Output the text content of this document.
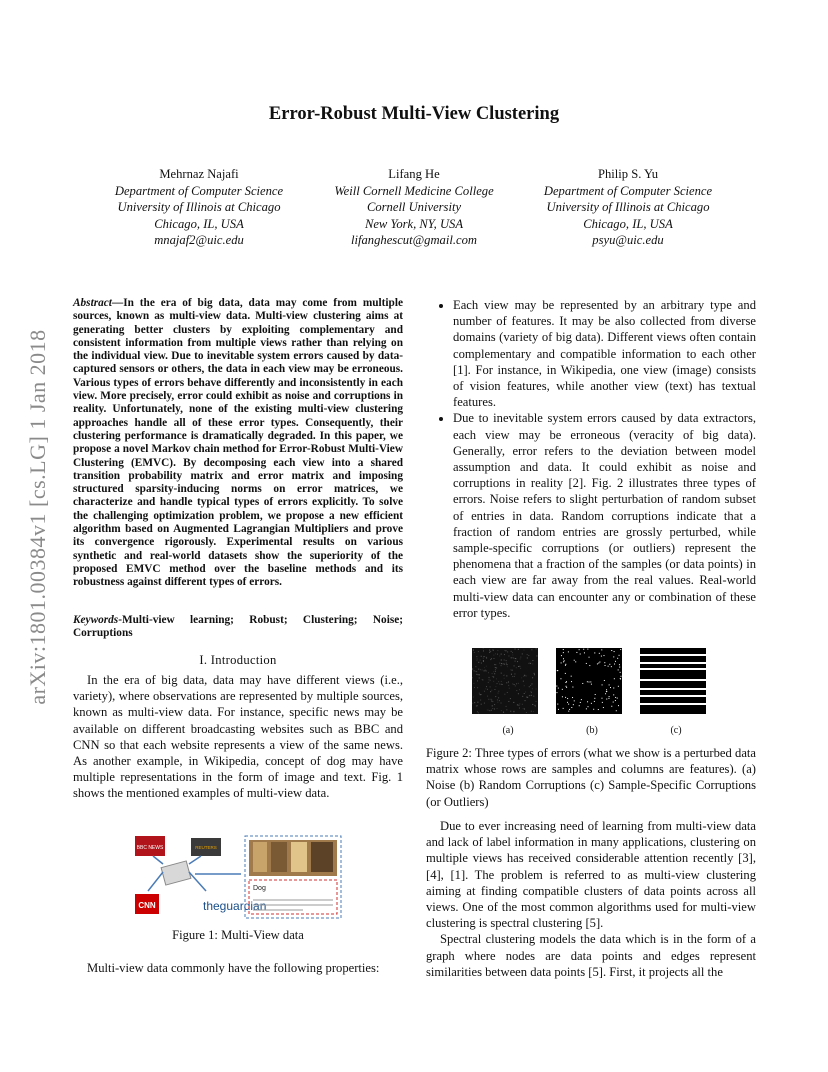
Error-Robust Multi-View Clustering
Mehrnaz Najafi
Department of Computer Science
University of Illinois at Chicago
Chicago, IL, USA
mnajaf2@uic.edu
Lifang He
Weill Cornell Medicine College
Cornell University
New York, NY, USA
lifanghescut@gmail.com
Philip S. Yu
Department of Computer Science
University of Illinois at Chicago
Chicago, IL, USA
psyu@uic.edu
arXiv:1801.00384v1 [cs.LG] 1 Jan 2018
Abstract—In the era of big data, data may come from multiple sources, known as multi-view data. Multi-view clustering aims at generating better clusters by exploiting complementary and consistent information from multiple views rather than relying on the individual view. Due to inevitable system errors caused by data-captured sensors or others, the data in each view may be erroneous. Various types of errors behave differently and inconsistently in each view. More precisely, error could exhibit as noise and corruptions in reality. Unfortunately, none of the existing multi-view clustering approaches handle all of these error types. Consequently, their clustering performance is dramatically degraded. In this paper, we propose a novel Markov chain method for Error-Robust Multi-View Clustering (EMVC). By decomposing each view into a shared transition probability matrix and error matrix and imposing structured sparsity-inducing norms on error matrices, we characterize and handle typical types of errors explicitly. To solve the challenging optimization problem, we propose a new efficient algorithm based on Augmented Lagrangian Multipliers and prove its convergence rigorously. Experimental results on various synthetic and real-world datasets show the superiority of the proposed EMVC method over the baseline methods and its robustness against different types of errors.
Keywords-Multi-view learning; Robust; Clustering; Noise; Corruptions
I. Introduction

In the era of big data, data may have different views (i.e., variety), where observations are represented by multiple sources, known as multi-view data. For instance, specific news may be available on different broadcasting websites such as BBC and CNN so that each website represents a view of the same news. As another example, in Wikipedia, concept of dog may have multiple representations in the form of image and text. Fig. 1 shows the mentioned examples of multi-view data.

BBC NEWS	REUTERS
CNN	theguardian
Dog
Figure 1: Multi-View data
Multi-view data commonly have the following properties:
• Each view may be represented by an arbitrary type and number of features. It may be also collected from diverse domains (variety of big data). Different views often contain complementary and compatible information to each other [1]. For instance, in Wikipedia, one view (image) consists of vision features, while another view (text) has textual features.
• Due to inevitable system errors caused by data extractors, each view may be erroneous (veracity of big data). Generally, error refers to the deviation between model assumption and data. It could exhibit as noise and corruptions in reality [2]. Fig. 2 illustrates three types of errors. Noise refers to slight perturbation of random subset of entries in data. Random corruptions indicate that a fraction of random entries are grossly perturbed, while sample-specific corruptions (or outliers) represent the phenomena that a fraction of the samples (or data points) in each view are far away from the real values. Real-world multi-view data can encounter any or combination of these error types.
(a)	(b)	(c)
Figure 2: Three types of errors (what we show is a perturbed data matrix whose rows are samples and columns are features). (a) Noise (b) Random Corruptions (c) Sample-Specific Corruptions (or Outliers)

Due to ever increasing need of learning from multi-view data and lack of label information in many applications, clustering on multiple views has received considerable attention recently [3], [4], [1]. The problem is referred to as multi-view clustering aiming at finding compatible clusters of data points across all views. One of the most common algorithms used for multi-view clustering is spectral clustering [5].

Spectral clustering models the data which is in the form of a graph where nodes are data points and edges represent similarities between data points [5]. First, it projects all the
